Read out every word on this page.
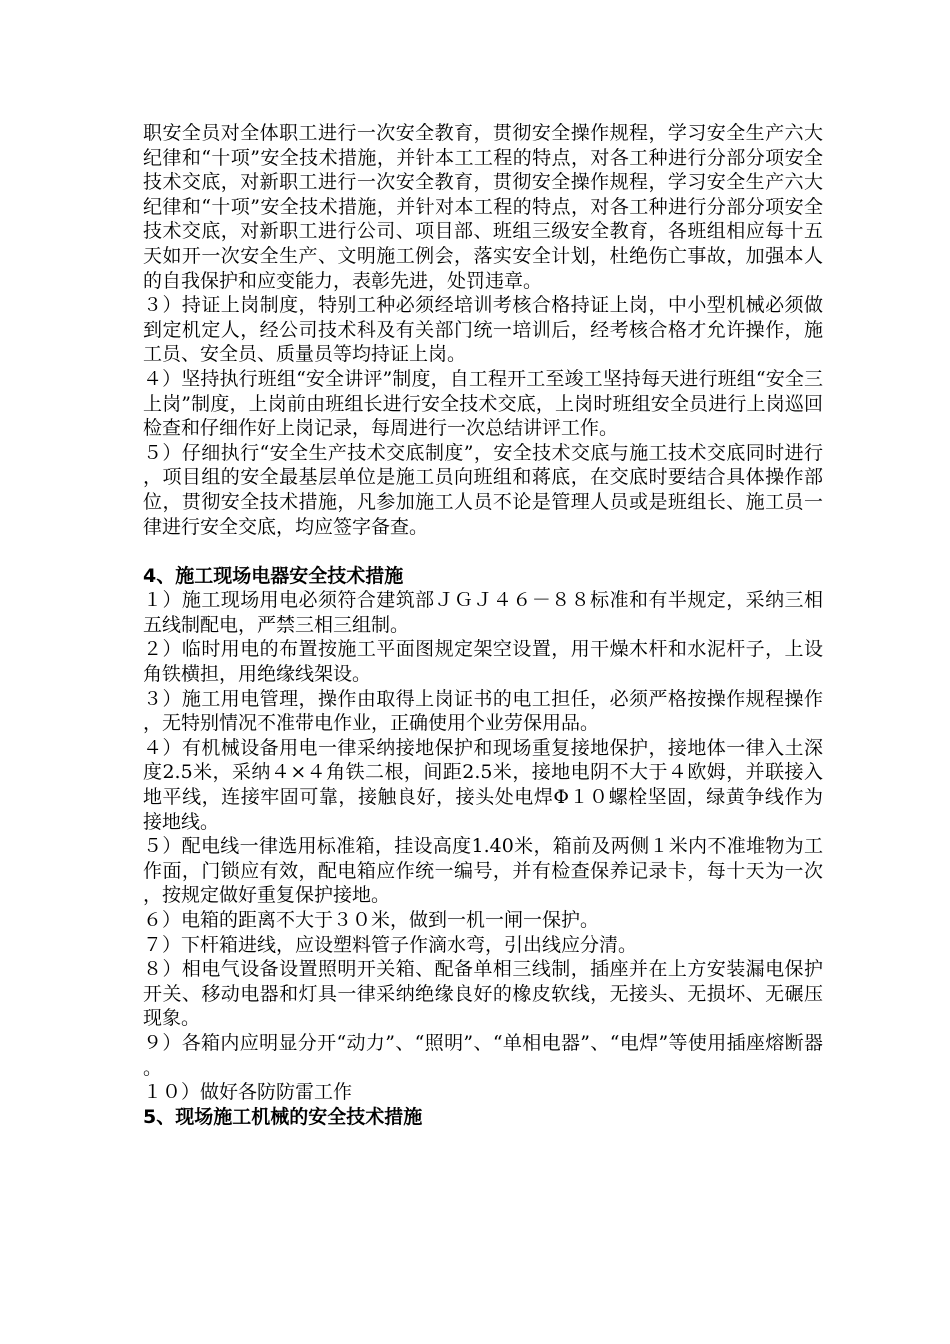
职安全员对全体职工进行一次安全教育，贯彻安全操作规程，学习安全生产六大纪律和“十项”安全技术措施，并针本工工程的特点，对各工种进行分部分项安全技术交底，对新职工进行一次安全教育，贯彻安全操作规程，学习安全生产六大纪律和“十项”安全技术措施，并针对本工程的特点，对各工种进行分部分项安全技术交底，对新职工进行公司、项目部、班组三级安全教育，各班组相应每十五天如开一次安全生产、文明施工例会，落实安全计划，杜绝伤亡事故，加强本人的自我保护和应变能力，表彰先进，处罚违章。

３）持证上岗制度，特别工种必须经培训考核合格持证上岗，中小型机械必须做到定机定人，经公司技术科及有关部门统一培训后，经考核合格才允许操作，施工员、安全员、质量员等均持证上岗。

４）坚持执行班组“安全讲评”制度，自工程开工至竣工坚持每天进行班组“安全三上岗”制度，上岗前由班组长进行安全技术交底，上岗时班组安全员进行上岗巡回检查和仔细作好上岗记录，每周进行一次总结讲评工作。

５）仔细执行“安全生产技术交底制度”，安全技术交底与施工技术交底同时进行，项目组的安全最基层单位是施工员向班组和蒋底，在交底时要结合具体操作部位，贯彻安全技术措施，凡参加施工人员不论是管理人员或是班组长、施工员一律进行安全交底，均应签字备查。

4、施工现场电器安全技术措施

１）施工现场用电必须符合建筑部ＪＧＪ４６－８８标准和有半规定，采纳三相五线制配电，严禁三相三组制。

２）临时用电的布置按施工平面图规定架空设置，用干燥木杆和水泥杆子，上设角铁横担，用绝缘线架设。

３）施工用电管理，操作由取得上岗证书的电工担任，必须严格按操作规程操作，无特别情况不准带电作业，正确使用个业劳保用品。

４）有机械设备用电一律采纳接地保护和现场重复接地保护，接地体一律入土深度2.5米，采纳４×４角铁二根，间距2.5米，接地电阴不大于４欧姆，并联接入地平线，连接牢固可靠，接触良好，接头处电焊Φ１０螺栓坚固，绿黄争线作为接地线。

５）配电线一律选用标准箱，挂设高度1.40米，箱前及两侧１米内不准堆物为工作面，门锁应有效，配电箱应作统一编号，并有检查保养记录卡，每十天为一次，按规定做好重复保护接地。

６）电箱的距离不大于３０米，做到一机一闸一保护。

７）下杆箱进线，应设塑料管子作滴水弯，引出线应分清。

８）相电气设备设置照明开关箱、配备单相三线制，插座并在上方安装漏电保护开关、移动电器和灯具一律采纳绝缘良好的橡皮软线，无接头、无损坏、无碾压现象。

９）各箱内应明显分开“动力”、“照明”、“单相电器”、“电焊”等使用插座熔断器。

１０）做好各防防雷工作

5、现场施工机械的安全技术措施
